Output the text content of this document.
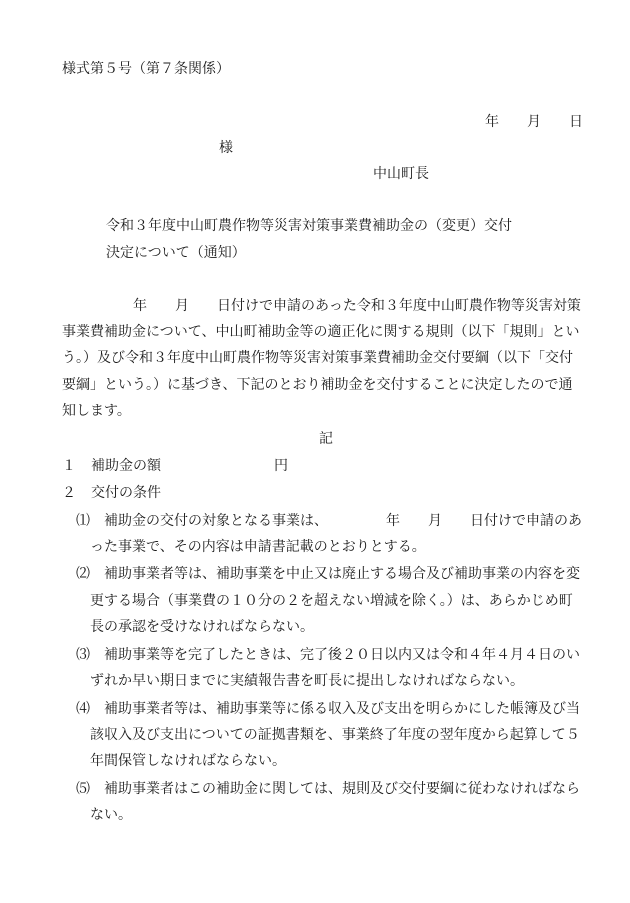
様式第５号（第７条関係）
年 月 日
様
中山町長
令和３年度中山町農作物等災害対策事業費補助金の（変更）交付
決定について（通知）
年 月 日付けで申請のあった令和３年度中山町農作物等災害対策
事業費補助金について、中山町補助金等の適正化に関する規則（以下「規則」とい
う。）及び令和３年度中山町農作物等災害対策事業費補助金交付要綱（以下「交付
要綱」という。）に基づき、下記のとおり補助金を交付することに決定したので通
知します。
記
１ 補助金の額	円
２ 交付の条件
⑴ 補助金の交付の対象となる事業は、	年 月 日付けで申請のあ
った事業で、その内容は申請書記載のとおりとする。
⑵ 補助事業者等は、補助事業を中止又は廃止する場合及び補助事業の内容を変
更する場合（事業費の１０分の２を超えない増減を除く。）は、あらかじめ町
長の承認を受けなければならない。
⑶ 補助事業等を完了したときは、完了後２０日以内又は令和４年４月４日のい
ずれか早い期日までに実績報告書を町長に提出しなければならない。
⑷ 補助事業者等は、補助事業等に係る収入及び支出を明らかにした帳簿及び当
該収入及び支出についての証拠書類を、事業終了年度の翌年度から起算して５
年間保管しなければならない。
⑸ 補助事業者はこの補助金に関しては、規則及び交付要綱に従わなければなら
ない。
